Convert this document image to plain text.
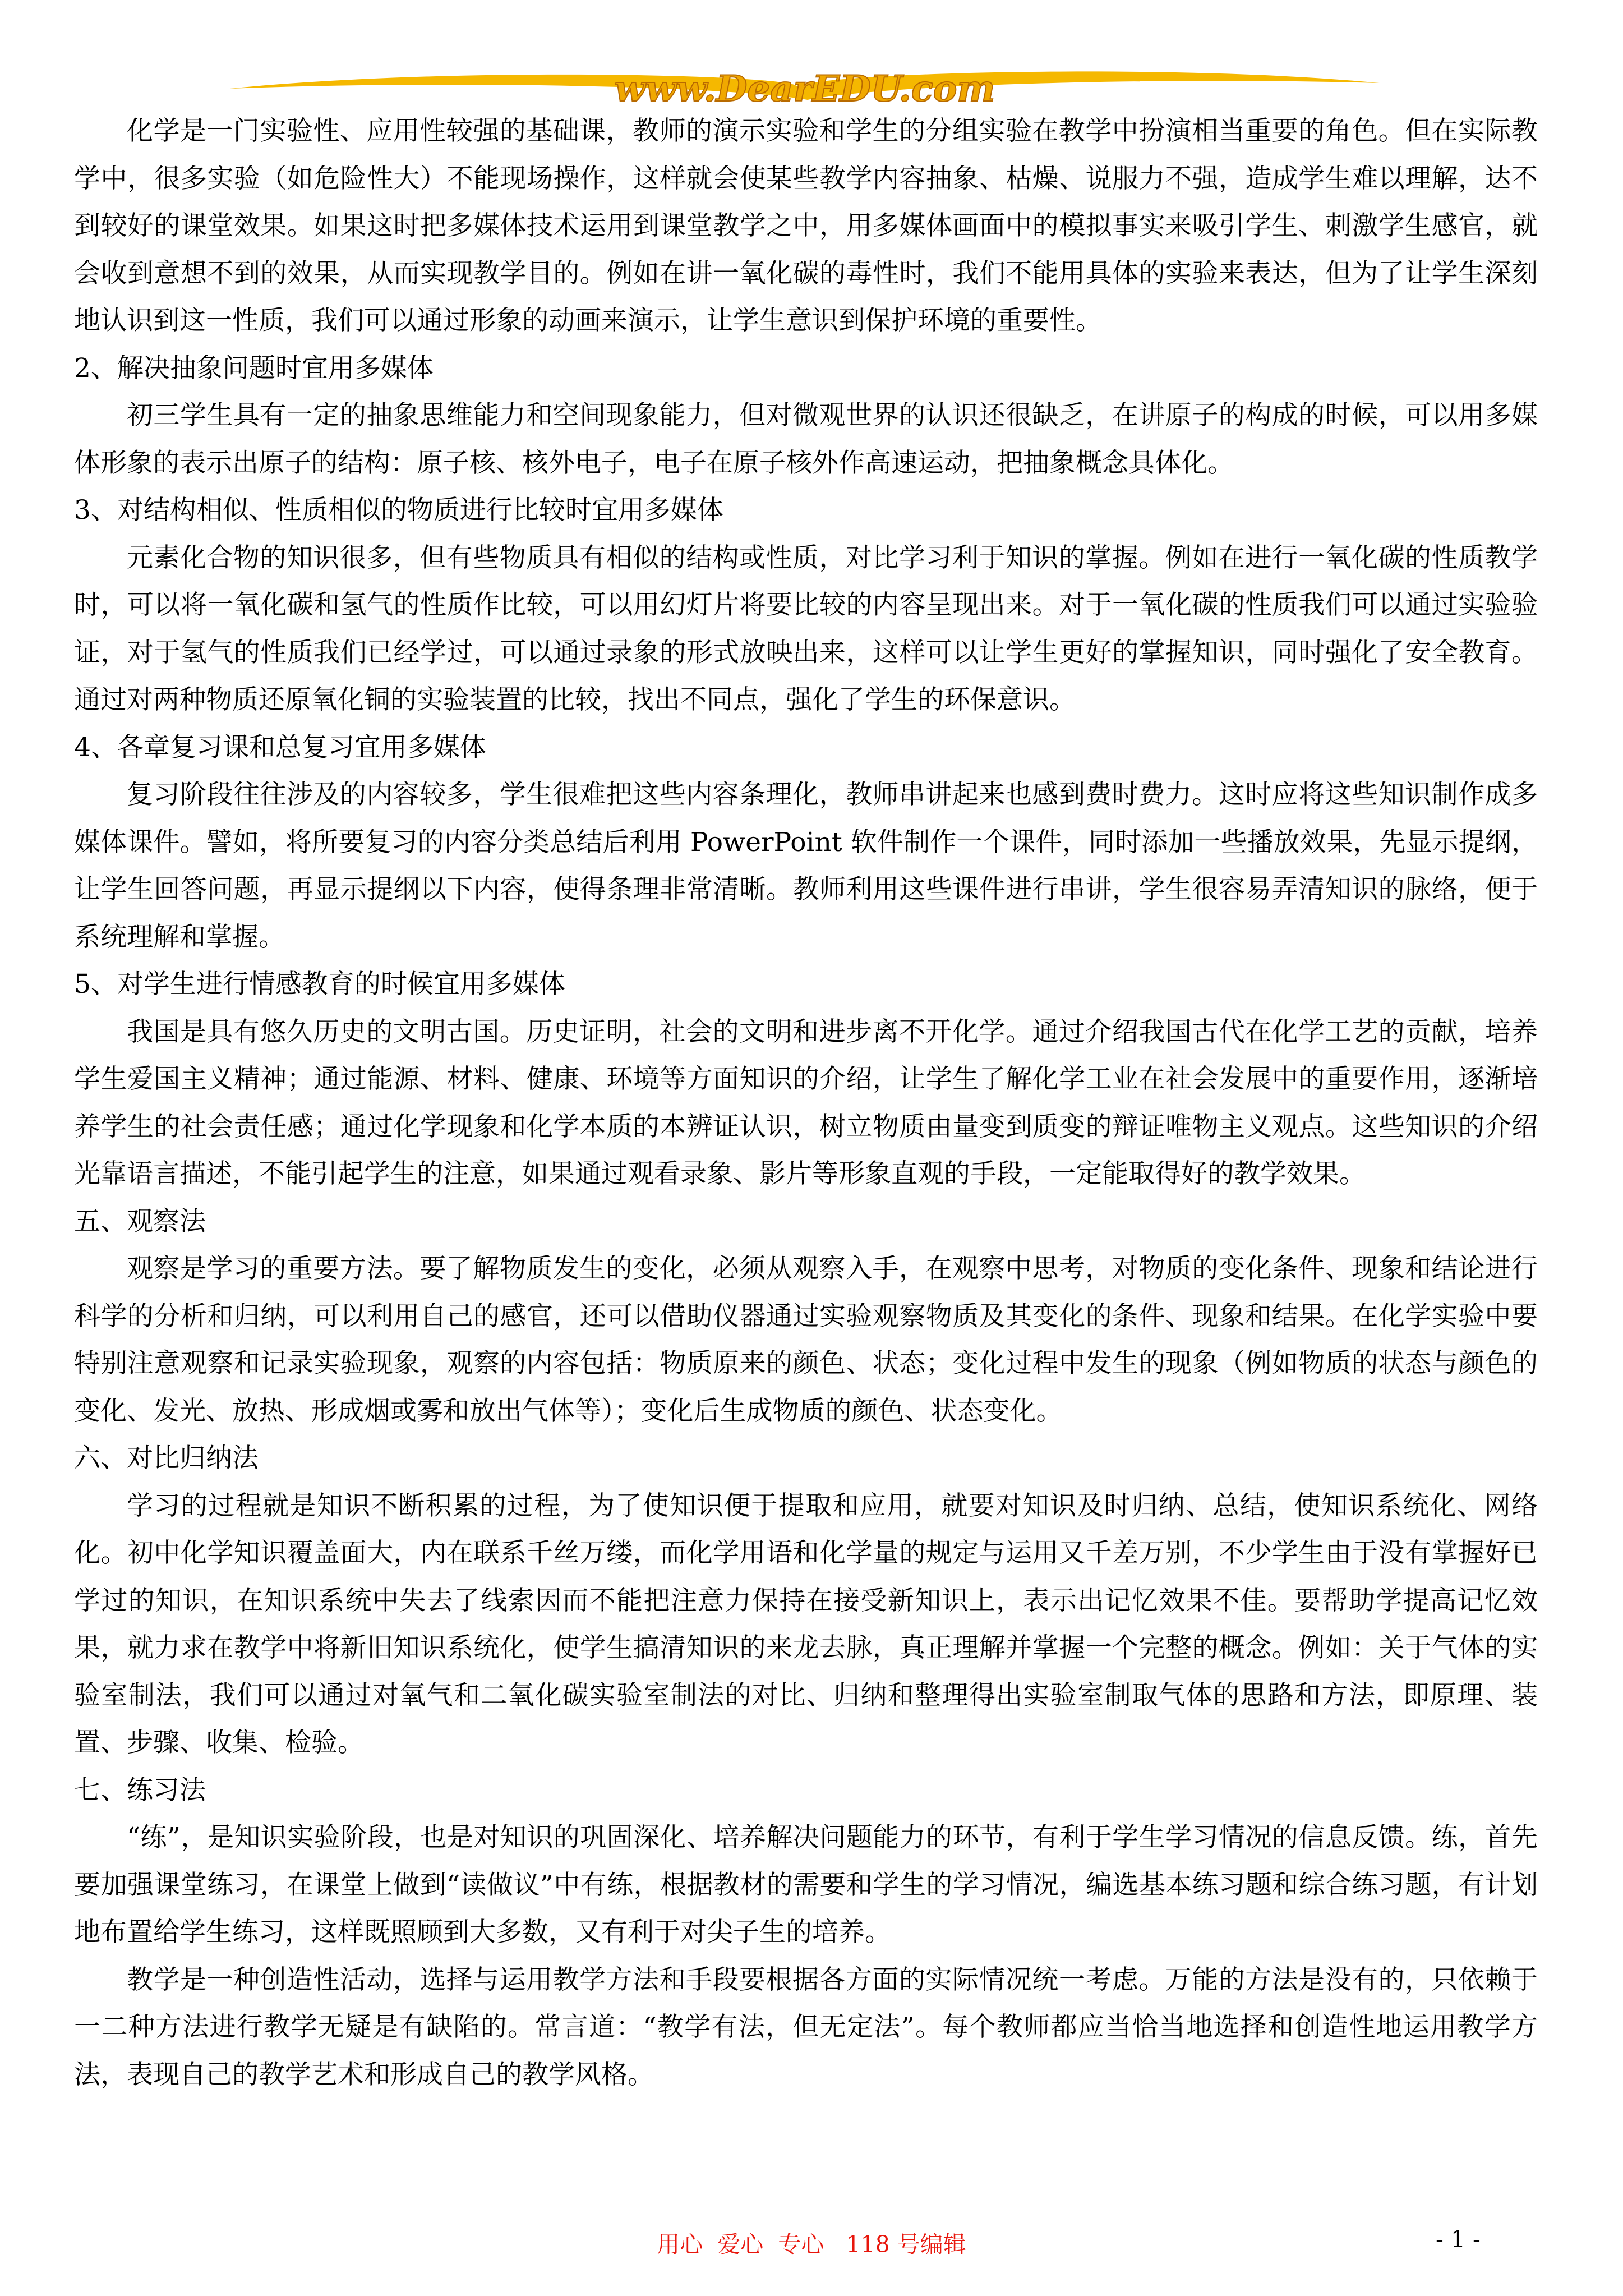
www.DearEDU.com

化学是一门实验性、应用性较强的基础课，教师的演示实验和学生的分组实验在教学中扮演相当重要的角色。但在实际教学中，很多实验（如危险性大）不能现场操作，这样就会使某些教学内容抽象、枯燥、说服力不强，造成学生难以理解，达不到较好的课堂效果。如果这时把多媒体技术运用到课堂教学之中，用多媒体画面中的模拟事实来吸引学生、刺激学生感官，就会收到意想不到的效果，从而实现教学目的。例如在讲一氧化碳的毒性时，我们不能用具体的实验来表达，但为了让学生深刻地认识到这一性质，我们可以通过形象的动画来演示，让学生意识到保护环境的重要性。

2、解决抽象问题时宜用多媒体

初三学生具有一定的抽象思维能力和空间现象能力，但对微观世界的认识还很缺乏，在讲原子的构成的时候，可以用多媒体形象的表示出原子的结构：原子核、核外电子，电子在原子核外作高速运动，把抽象概念具体化。

3、对结构相似、性质相似的物质进行比较时宜用多媒体

元素化合物的知识很多，但有些物质具有相似的结构或性质，对比学习利于知识的掌握。例如在进行一氧化碳的性质教学时，可以将一氧化碳和氢气的性质作比较，可以用幻灯片将要比较的内容呈现出来。对于一氧化碳的性质我们可以通过实验验证，对于氢气的性质我们已经学过，可以通过录象的形式放映出来，这样可以让学生更好的掌握知识，同时强化了安全教育。通过对两种物质还原氧化铜的实验装置的比较，找出不同点，强化了学生的环保意识。

4、各章复习课和总复习宜用多媒体

复习阶段往往涉及的内容较多，学生很难把这些内容条理化，教师串讲起来也感到费时费力。这时应将这些知识制作成多媒体课件。譬如，将所要复习的内容分类总结后利用 PowerPoint 软件制作一个课件，同时添加一些播放效果，先显示提纲，让学生回答问题，再显示提纲以下内容，使得条理非常清晰。教师利用这些课件进行串讲，学生很容易弄清知识的脉络，便于系统理解和掌握。

5、对学生进行情感教育的时候宜用多媒体

我国是具有悠久历史的文明古国。历史证明，社会的文明和进步离不开化学。通过介绍我国古代在化学工艺的贡献，培养学生爱国主义精神；通过能源、材料、健康、环境等方面知识的介绍，让学生了解化学工业在社会发展中的重要作用，逐渐培养学生的社会责任感；通过化学现象和化学本质的本辨证认识，树立物质由量变到质变的辩证唯物主义观点。这些知识的介绍光靠语言描述，不能引起学生的注意，如果通过观看录象、影片等形象直观的手段，一定能取得好的教学效果。

五、观察法

观察是学习的重要方法。要了解物质发生的变化，必须从观察入手，在观察中思考，对物质的变化条件、现象和结论进行科学的分析和归纳，可以利用自己的感官，还可以借助仪器通过实验观察物质及其变化的条件、现象和结果。在化学实验中要特别注意观察和记录实验现象，观察的内容包括：物质原来的颜色、状态；变化过程中发生的现象（例如物质的状态与颜色的变化、发光、放热、形成烟或雾和放出气体等）；变化后生成物质的颜色、状态变化。

六、对比归纳法

学习的过程就是知识不断积累的过程，为了使知识便于提取和应用，就要对知识及时归纳、总结，使知识系统化、网络化。初中化学知识覆盖面大，内在联系千丝万缕，而化学用语和化学量的规定与运用又千差万别，不少学生由于没有掌握好已学过的知识，在知识系统中失去了线索因而不能把注意力保持在接受新知识上，表示出记忆效果不佳。要帮助学提高记忆效果，就力求在教学中将新旧知识系统化，使学生搞清知识的来龙去脉，真正理解并掌握一个完整的概念。例如：关于气体的实验室制法，我们可以通过对氧气和二氧化碳实验室制法的对比、归纳和整理得出实验室制取气体的思路和方法，即原理、装置、步骤、收集、检验。

七、练习法

“练”，是知识实验阶段，也是对知识的巩固深化、培养解决问题能力的环节，有利于学生学习情况的信息反馈。练，首先要加强课堂练习，在课堂上做到“读做议”中有练，根据教材的需要和学生的学习情况，编选基本练习题和综合练习题，有计划地布置给学生练习，这样既照顾到大多数，又有利于对尖子生的培养。

教学是一种创造性活动，选择与运用教学方法和手段要根据各方面的实际情况统一考虑。万能的方法是没有的，只依赖于一二种方法进行教学无疑是有缺陷的。常言道：“教学有法，但无定法”。每个教师都应当恰当地选择和创造性地运用教学方法，表现自己的教学艺术和形成自己的教学风格。

用心  爱心  专心   118 号编辑	- 1 -
